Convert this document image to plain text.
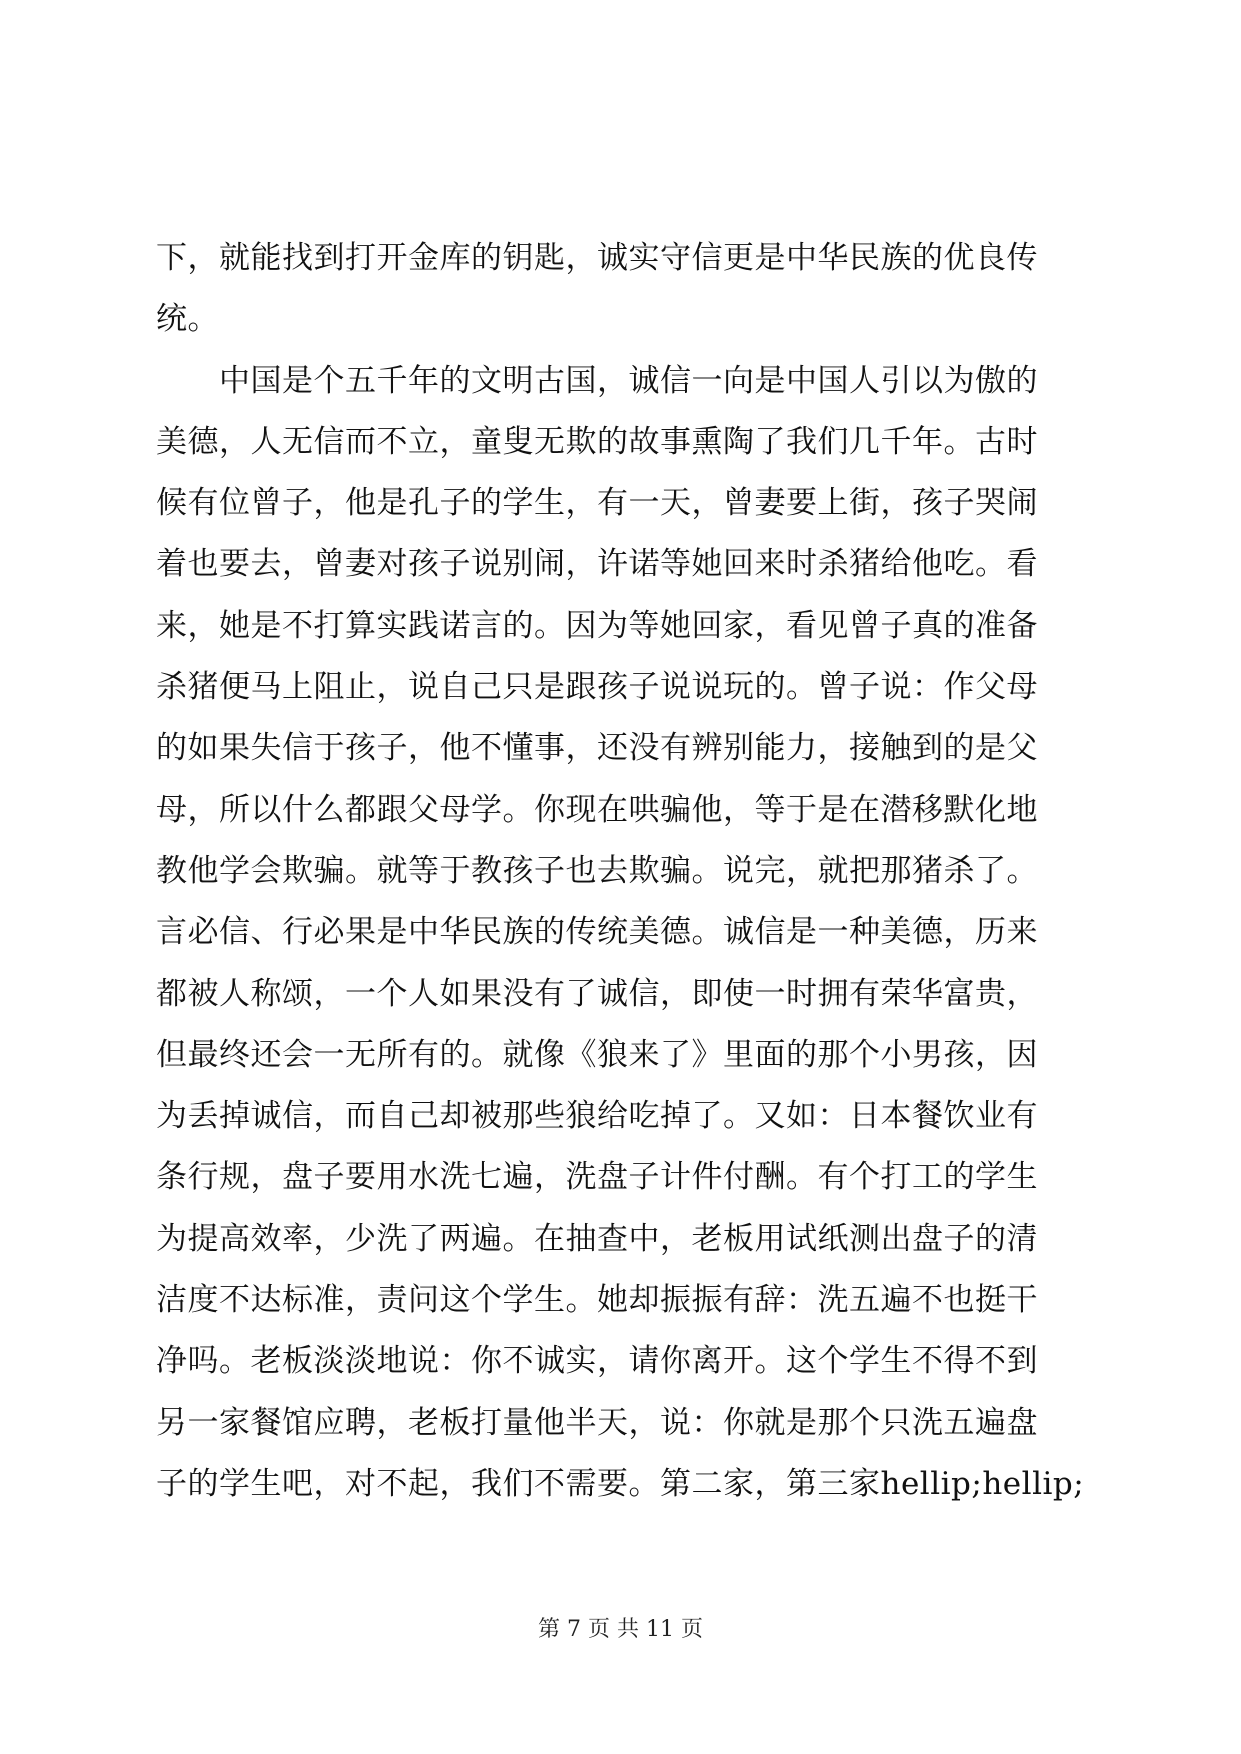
下，就能找到打开金库的钥匙，诚实守信更是中华民族的优良传
统。
　　中国是个五千年的文明古国，诚信一向是中国人引以为傲的
美德，人无信而不立，童叟无欺的故事熏陶了我们几千年。古时
候有位曾子，他是孔子的学生，有一天，曾妻要上街，孩子哭闹
着也要去，曾妻对孩子说别闹，许诺等她回来时杀猪给他吃。看
来，她是不打算实践诺言的。因为等她回家，看见曾子真的准备
杀猪便马上阻止，说自己只是跟孩子说说玩的。曾子说：作父母
的如果失信于孩子，他不懂事，还没有辨别能力，接触到的是父
母，所以什么都跟父母学。你现在哄骗他，等于是在潜移默化地
教他学会欺骗。就等于教孩子也去欺骗。说完，就把那猪杀了。
言必信、行必果是中华民族的传统美德。诚信是一种美德，历来
都被人称颂，一个人如果没有了诚信，即使一时拥有荣华富贵，
但最终还会一无所有的。就像《狼来了》里面的那个小男孩，因
为丢掉诚信，而自己却被那些狼给吃掉了。又如：日本餐饮业有
条行规，盘子要用水洗七遍，洗盘子计件付酬。有个打工的学生
为提高效率，少洗了两遍。在抽查中，老板用试纸测出盘子的清
洁度不达标准，责问这个学生。她却振振有辞：洗五遍不也挺干
净吗。老板淡淡地说：你不诚实，请你离开。这个学生不得不到
另一家餐馆应聘，老板打量他半天，说：你就是那个只洗五遍盘
子的学生吧，对不起，我们不需要。第二家，第三家hellip;hellip;
第 7 页 共 11 页
